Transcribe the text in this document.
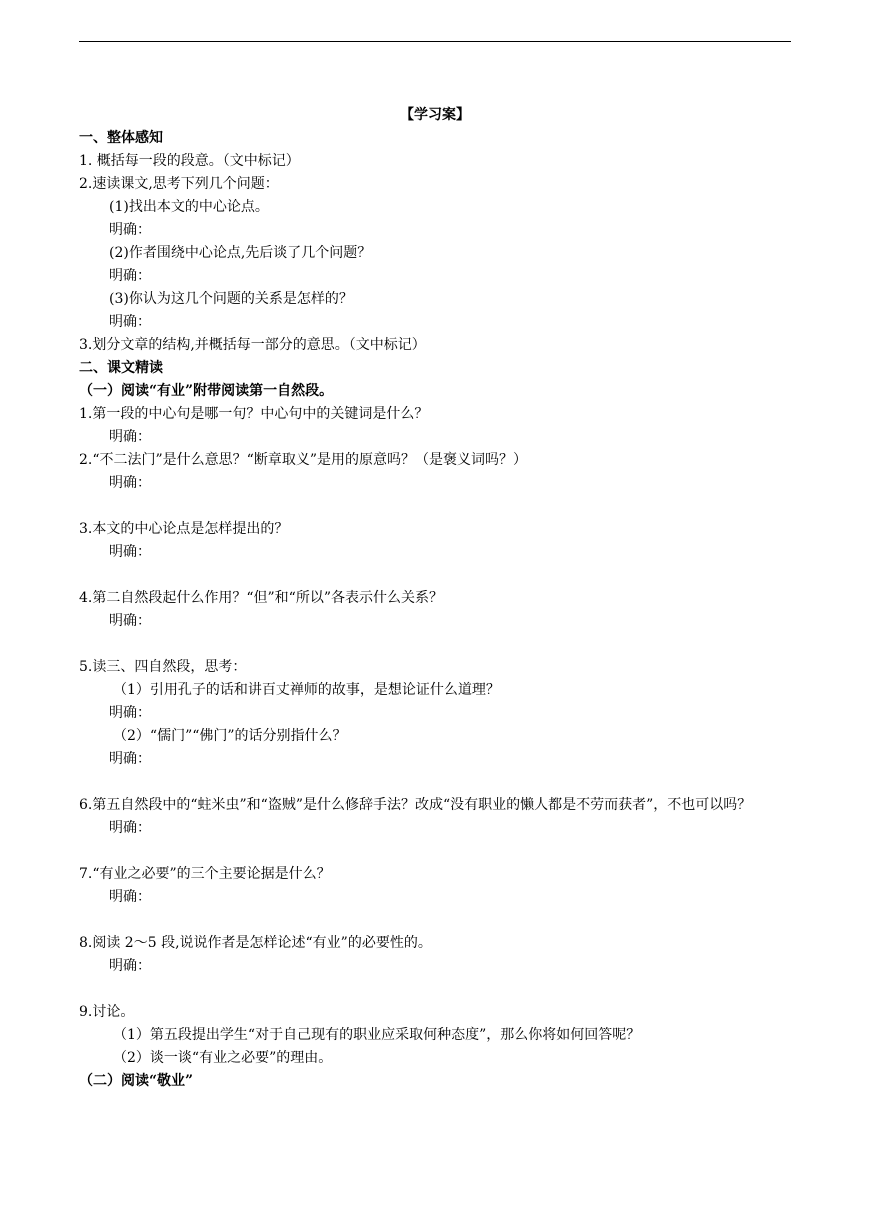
【学习案】
一、整体感知
1. 概括每一段的段意。（文中标记）
2.速读课文,思考下列几个问题：
(1)找出本文的中心论点。
明确：
(2)作者围绕中心论点,先后谈了几个问题？
明确：
(3)你认为这几个问题的关系是怎样的？
明确：
3.划分文章的结构,并概括每一部分的意思。（文中标记）
二、课文精读
（一）阅读“有业”附带阅读第一自然段。
1.第一段的中心句是哪一句？中心句中的关键词是什么？
明确：
2.“不二法门”是什么意思？“断章取义”是用的原意吗？（是褒义词吗？）
明确：
3.本文的中心论点是怎样提出的？
明确：
4.第二自然段起什么作用？“但”和“所以”各表示什么关系？
明确：
5.读三、四自然段，思考：
（1）引用孔子的话和讲百丈禅师的故事，是想论证什么道理？
明确：
（2）“儒门”“佛门”的话分别指什么？
明确：
6.第五自然段中的“蛀米虫”和“盗贼”是什么修辞手法？改成“没有职业的懒人都是不劳而获者”，不也可以吗？
明确：
7.“有业之必要”的三个主要论据是什么？
明确：
8.阅读 2～5 段,说说作者是怎样论述“有业”的必要性的。
明确：
9.讨论。
（1）第五段提出学生“对于自己现有的职业应采取何种态度”，那么你将如何回答呢？
（2）谈一谈“有业之必要”的理由。
（二）阅读“敬业”
